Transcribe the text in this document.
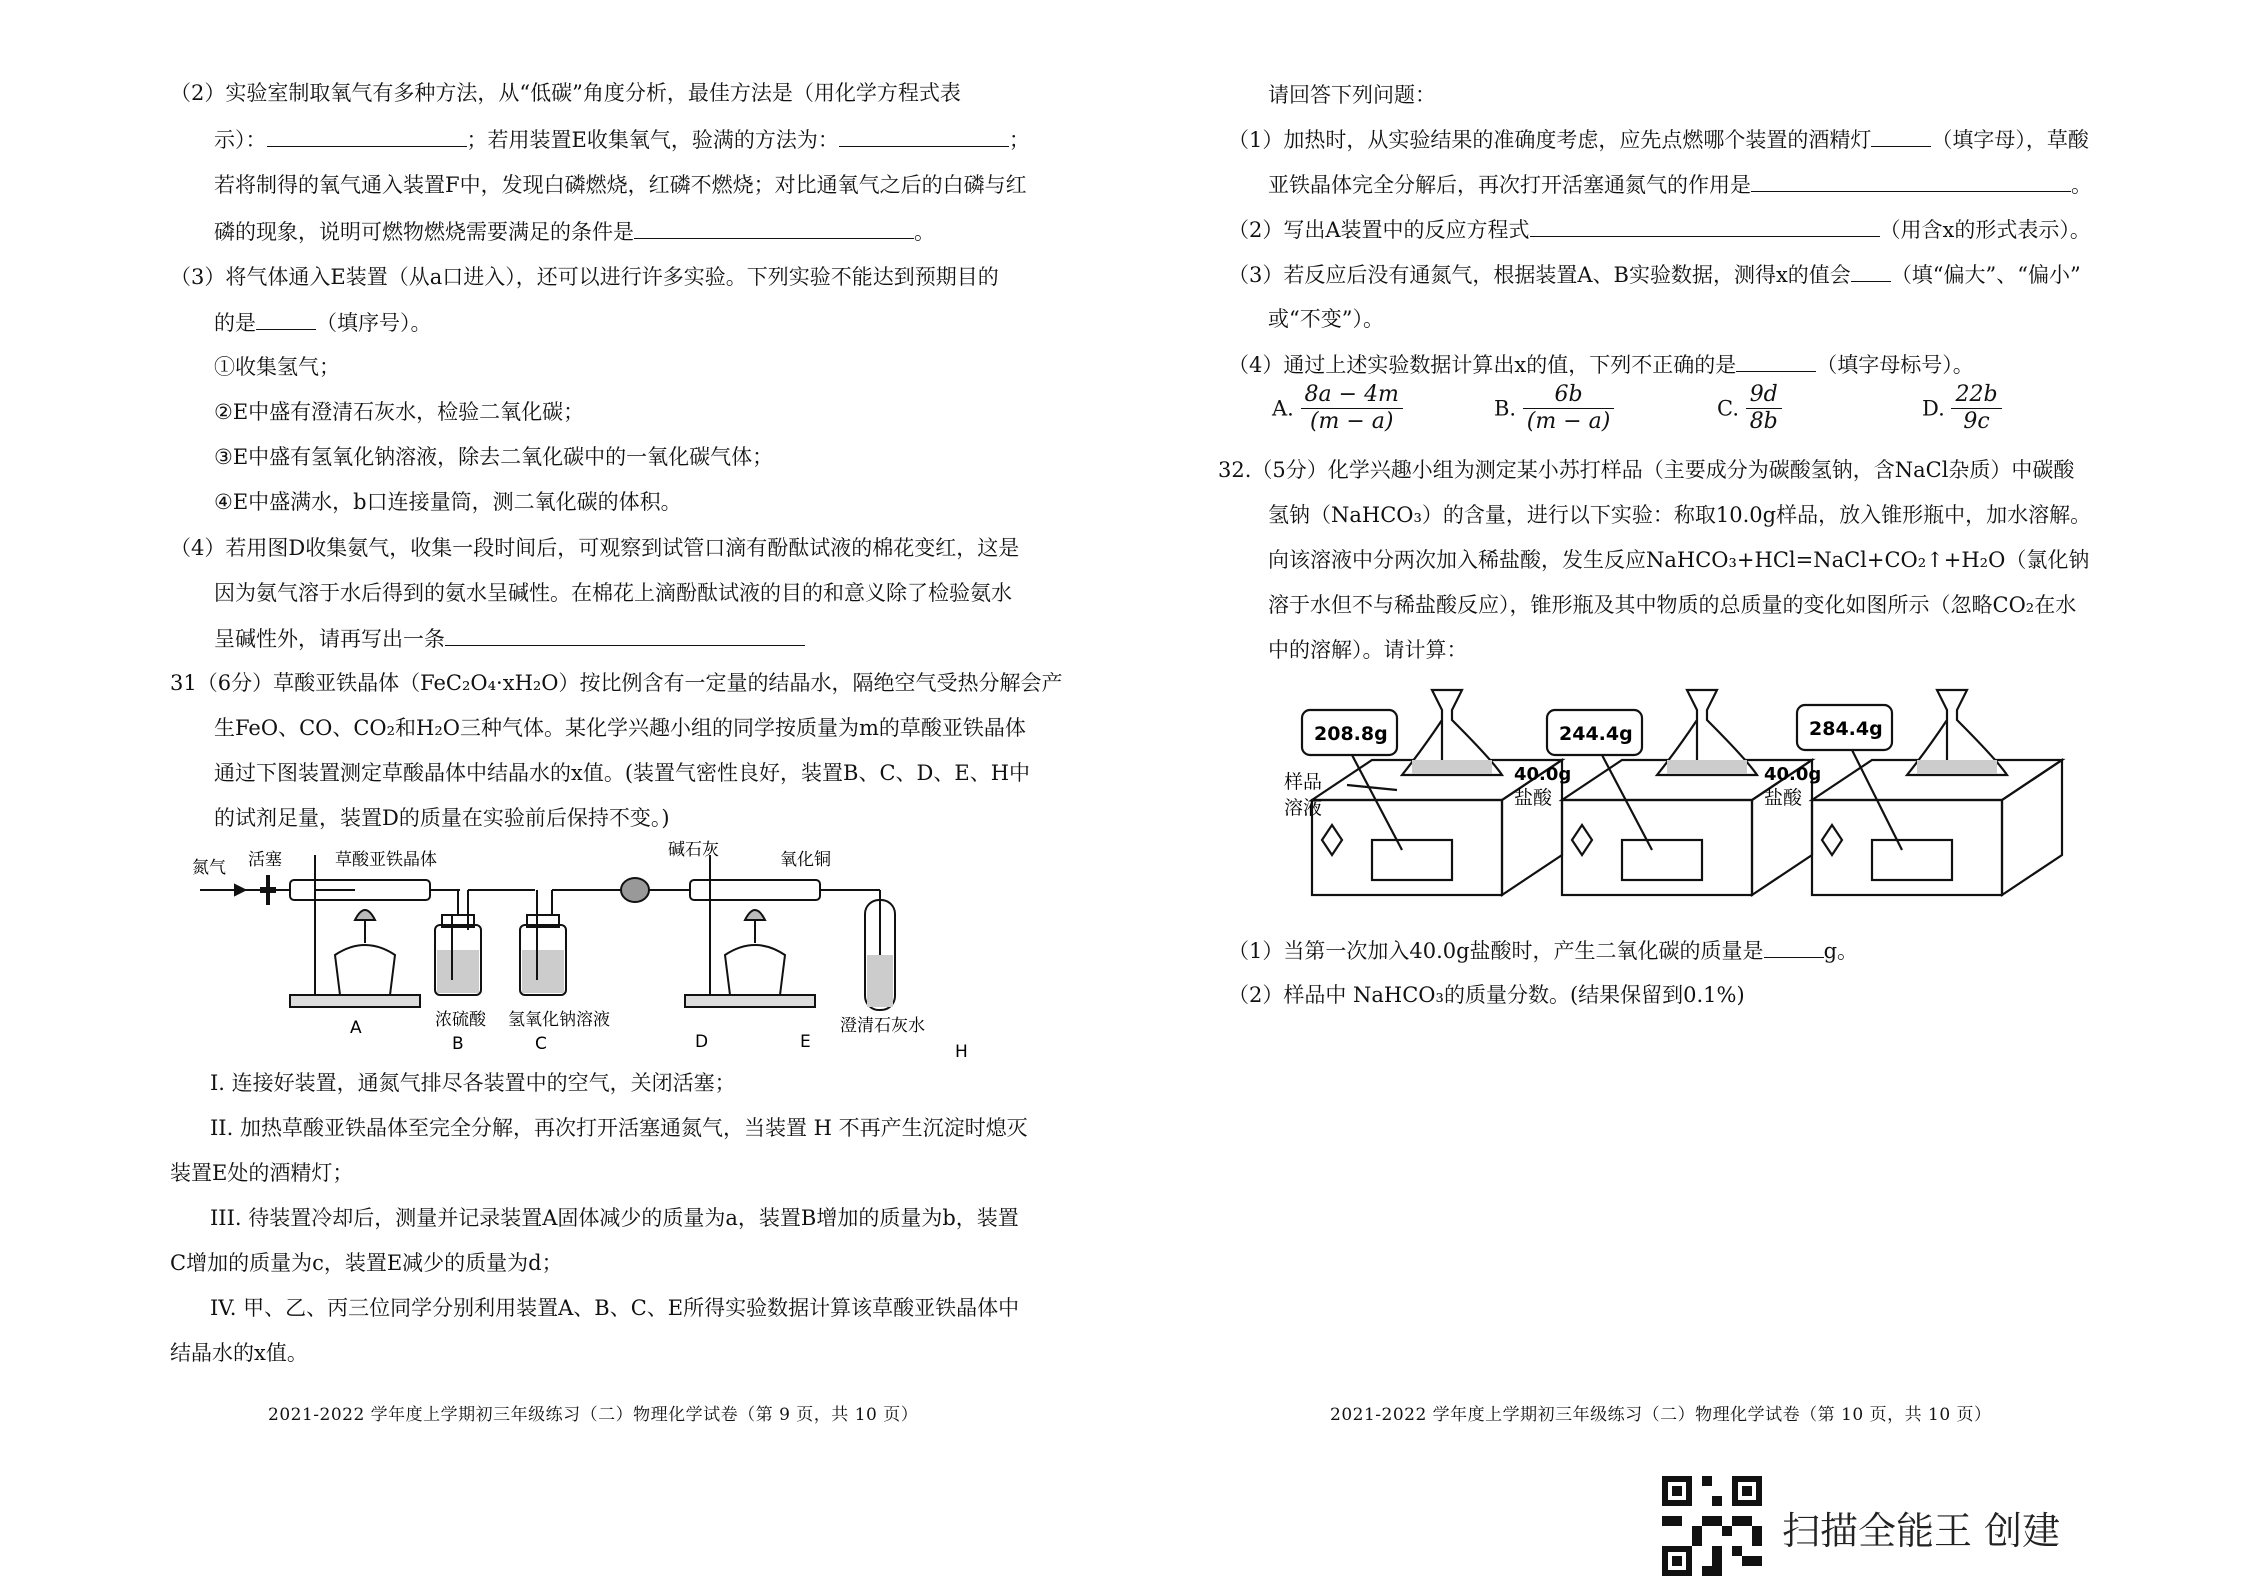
（2）实验室制取氧气有多种方法，从“低碳”角度分析，最佳方法是（用化学方程式表
示）：	；若用装置E收集氧气，验满的方法为：	；
若将制得的氧气通入装置F中，发现白磷燃烧，红磷不燃烧；对比通氧气之后的白磷与红
磷的现象，说明可燃物燃烧需要满足的条件是	。
（3）将气体通入E装置（从a口进入），还可以进行许多实验。下列实验不能达到预期目的
的是	（填序号）。
①收集氢气；
②E中盛有澄清石灰水，检验二氧化碳；
③E中盛有氢氧化钠溶液，除去二氧化碳中的一氧化碳气体；
④E中盛满水，b口连接量筒，测二氧化碳的体积。
（4）若用图D收集氨气，收集一段时间后，可观察到试管口滴有酚酞试液的棉花变红，这是
因为氨气溶于水后得到的氨水呈碱性。在棉花上滴酚酞试液的目的和意义除了检验氨水
呈碱性外，请再写出一条
31（6分）草酸亚铁晶体（FeC₂O₄·xH₂O）按比例含有一定量的结晶水，隔绝空气受热分解会产
生FeO、CO、CO₂和H₂O三种气体。某化学兴趣小组的同学按质量为m的草酸亚铁晶体
通过下图装置测定草酸晶体中结晶水的x值。(装置气密性良好，装置B、C、D、E、H中
的试剂足量，装置D的质量在实验前后保持不变。)
氮气 活塞	草酸亚铁晶体	碱石灰	氧化铜
浓硫酸 氢氧化钠溶液	澄清石灰水
A
B	C	D	E	H
I. 连接好装置，通氮气排尽各装置中的空气，关闭活塞；
II. 加热草酸亚铁晶体至完全分解，再次打开活塞通氮气，当装置 H 不再产生沉淀时熄灭
装置E处的酒精灯；
III. 待装置冷却后，测量并记录装置A固体减少的质量为a，装置B增加的质量为b，装置
C增加的质量为c，装置E减少的质量为d；
IV. 甲、乙、丙三位同学分别利用装置A、B、C、E所得实验数据计算该草酸亚铁晶体中
结晶水的x值。
2021-2022 学年度上学期初三年级练习（二）物理化学试卷（第 9 页，共 10 页）
请回答下列问题：
（1）加热时，从实验结果的准确度考虑，应先点燃哪个装置的酒精灯	（填字母），草酸
亚铁晶体完全分解后，再次打开活塞通氮气的作用是	。
（2）写出A装置中的反应方程式	（用含x的形式表示）。
（3）若反应后没有通氮气，根据装置A、B实验数据，测得x的值会 （填“偏大”、“偏小”
或“不变”）。
（4）通过上述实验数据计算出x的值，下列不正确的是	（填字母标号）。
A. $\frac{8a - 4m}{(m - a)}$	B. $\frac{6b}{(m - a)}$	C. $\frac{9d}{8b}$	D. $\frac{22b}{9c}$
32.（5分）化学兴趣小组为测定某小苏打样品（主要成分为碳酸氢钠，含NaCl杂质）中碳酸
氢钠（NaHCO₃）的含量，进行以下实验：称取10.0g样品，放入锥形瓶中，加水溶解。
向该溶液中分两次加入稀盐酸，发生反应NaHCO₃+HCl=NaCl+CO₂↑+H₂O（氯化钠
溶于水但不与稀盐酸反应），锥形瓶及其中物质的总质量的变化如图所示（忽略CO₂在水
中的溶解）。请计算：
208.8g	244.4g	284.4g
样品
溶液
40.0g
盐酸
40.0g
盐酸
（1）当第一次加入40.0g盐酸时，产生二氧化碳的质量是	g。
（2）样品中 NaHCO₃的质量分数。(结果保留到0.1%)
2021-2022 学年度上学期初三年级练习（二）物理化学试卷（第 10 页，共 10 页）
扫描全能王 创建
